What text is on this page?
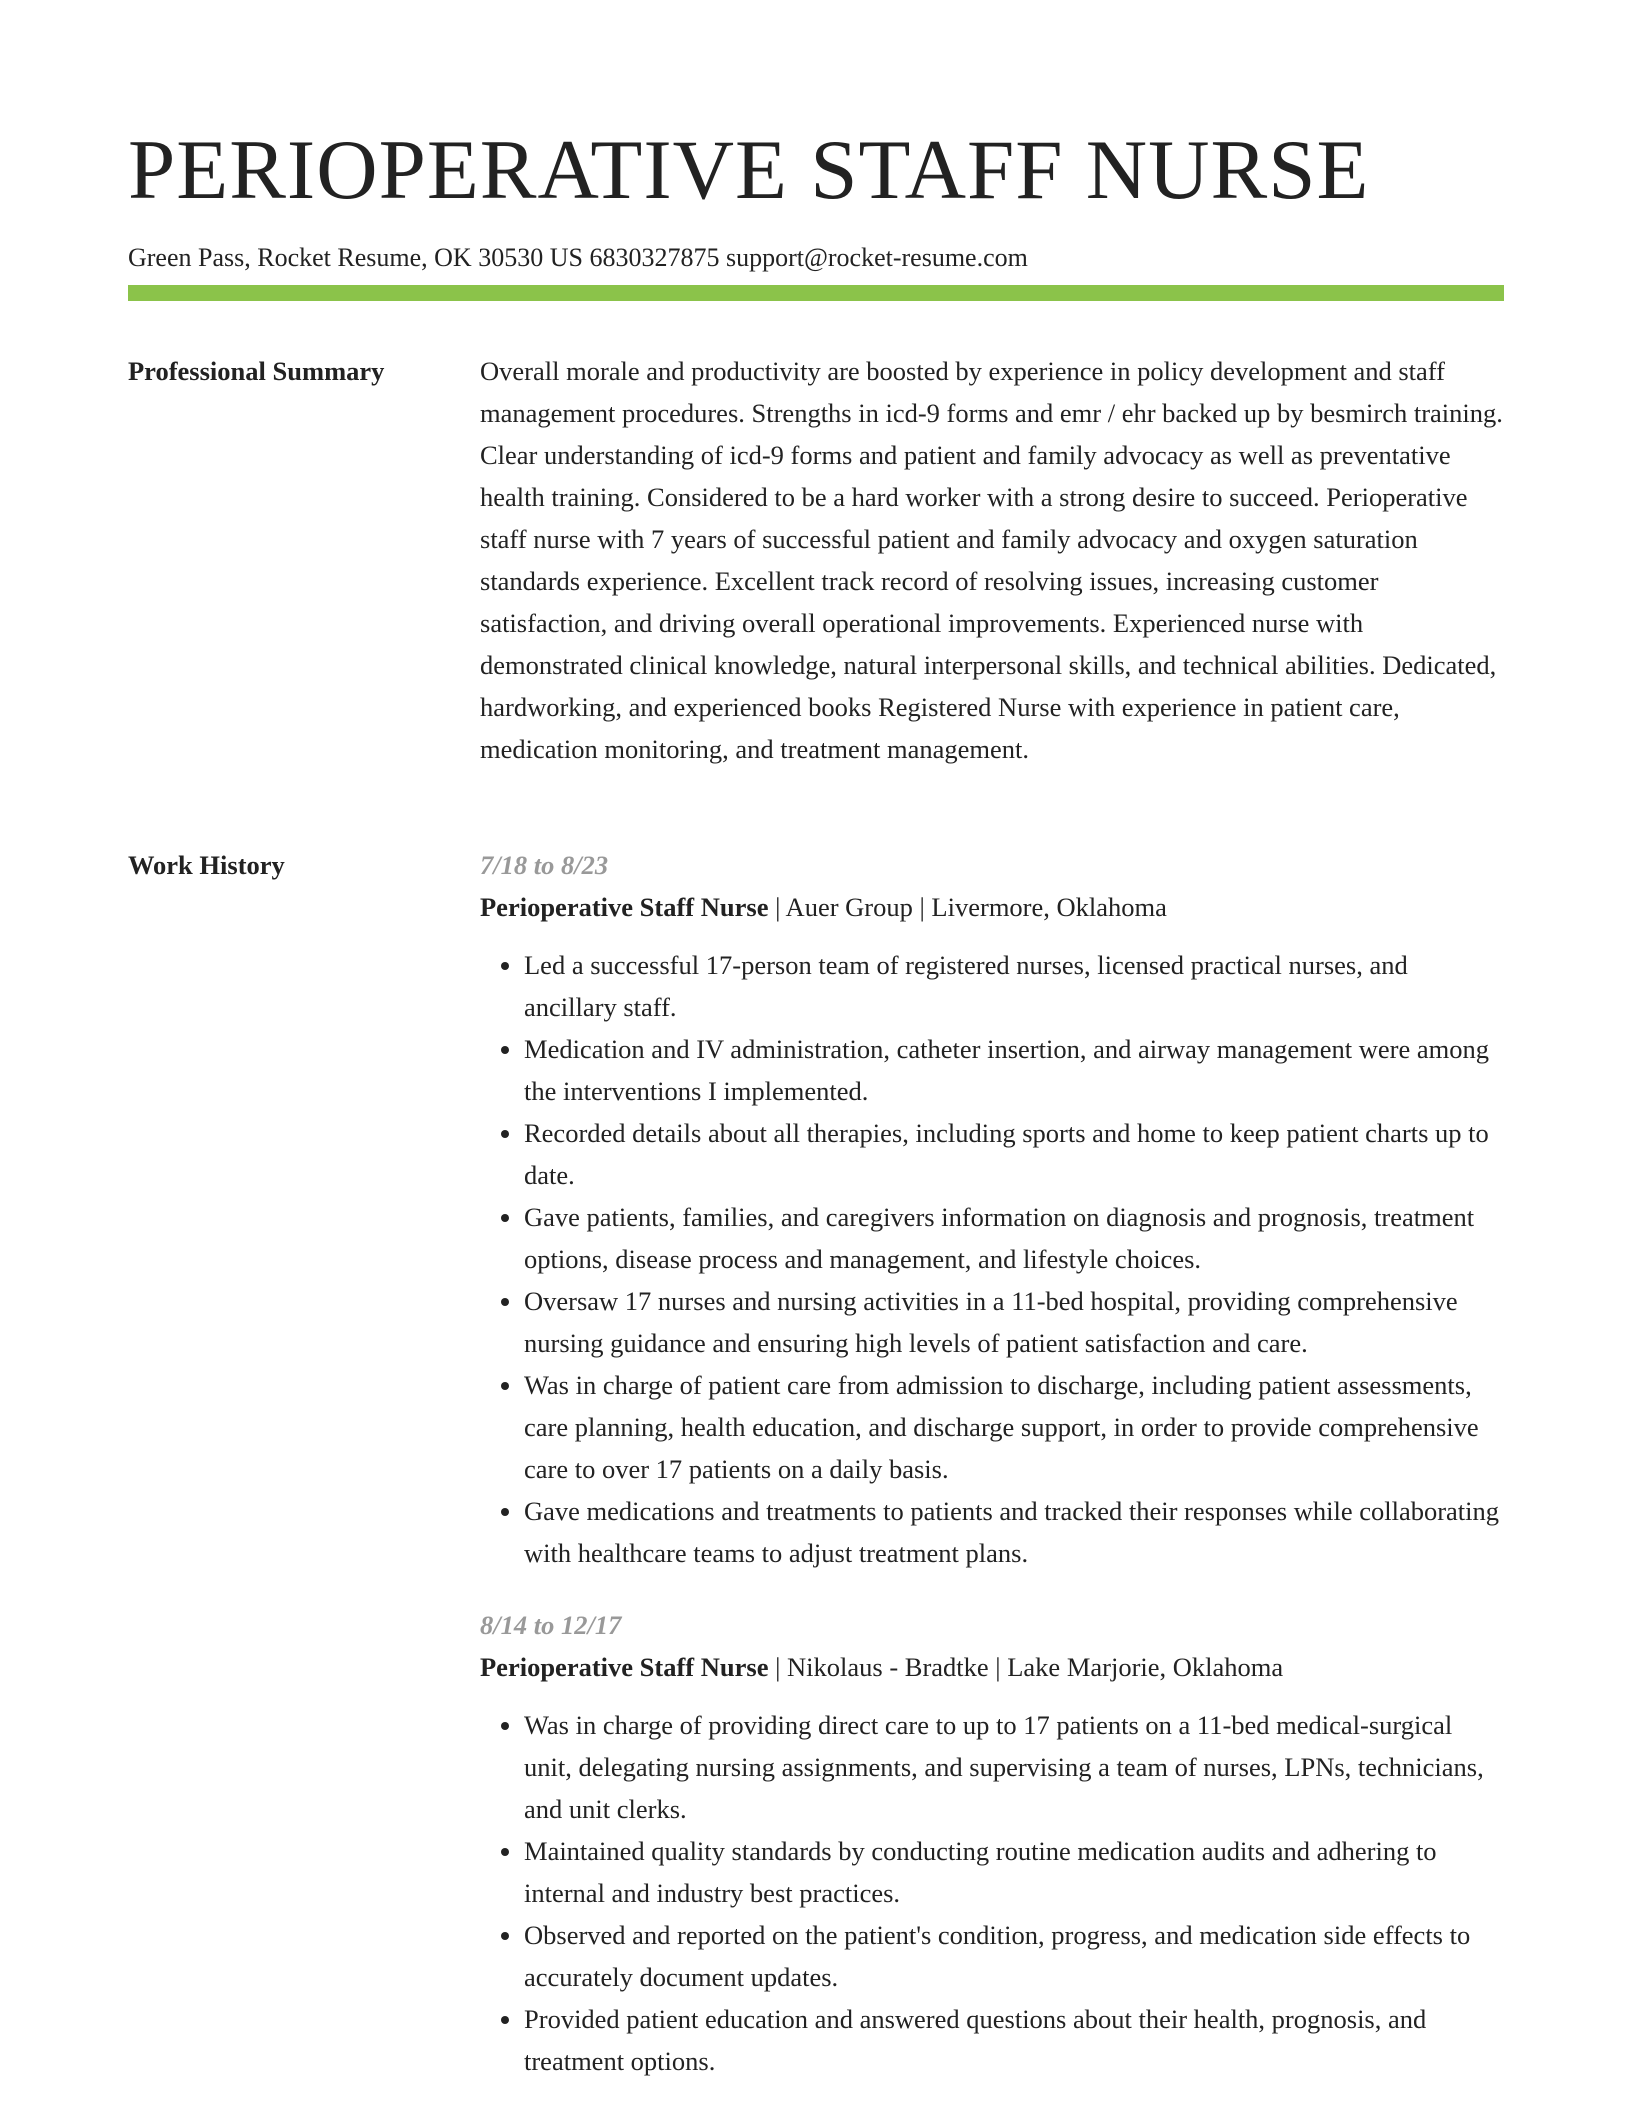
PERIOPERATIVE STAFF NURSE
Green Pass, Rocket Resume, OK 30530 US 6830327875 support@rocket-resume.com
Professional Summary	Overall morale and productivity are boosted by experience in policy development and staff management procedures. Strengths in icd-9 forms and emr / ehr backed up by besmirch training. Clear understanding of icd-9 forms and patient and family advocacy as well as preventative health training. Considered to be a hard worker with a strong desire to succeed. Perioperative staff nurse with 7 years of successful patient and family advocacy and oxygen saturation standards experience. Excellent track record of resolving issues, increasing customer satisfaction, and driving overall operational improvements. Experienced nurse with demonstrated clinical knowledge, natural interpersonal skills, and technical abilities. Dedicated, hardworking, and experienced books Registered Nurse with experience in patient care, medication monitoring, and treatment management.

Work History	7/18 to 8/23

Perioperative Staff Nurse | Auer Group | Livermore, Oklahoma

• Led a successful 17-person team of registered nurses, licensed practical nurses, and ancillary staff.
• Medication and IV administration, catheter insertion, and airway management were among the interventions I implemented.
• Recorded details about all therapies, including sports and home to keep patient charts up to date.
• Gave patients, families, and caregivers information on diagnosis and prognosis, treatment options, disease process and management, and lifestyle choices.
• Oversaw 17 nurses and nursing activities in a 11-bed hospital, providing comprehensive nursing guidance and ensuring high levels of patient satisfaction and care.
• Was in charge of patient care from admission to discharge, including patient assessments, care planning, health education, and discharge support, in order to provide comprehensive care to over 17 patients on a daily basis.
• Gave medications and treatments to patients and tracked their responses while collaborating with healthcare teams to adjust treatment plans.

8/14 to 12/17

Perioperative Staff Nurse | Nikolaus - Bradtke | Lake Marjorie, Oklahoma

• Was in charge of providing direct care to up to 17 patients on a 11-bed medical-surgical unit, delegating nursing assignments, and supervising a team of nurses, LPNs, technicians, and unit clerks.
• Maintained quality standards by conducting routine medication audits and adhering to internal and industry best practices.
• Observed and reported on the patient's condition, progress, and medication side effects to accurately document updates.
• Provided patient education and answered questions about their health, prognosis, and treatment options.
